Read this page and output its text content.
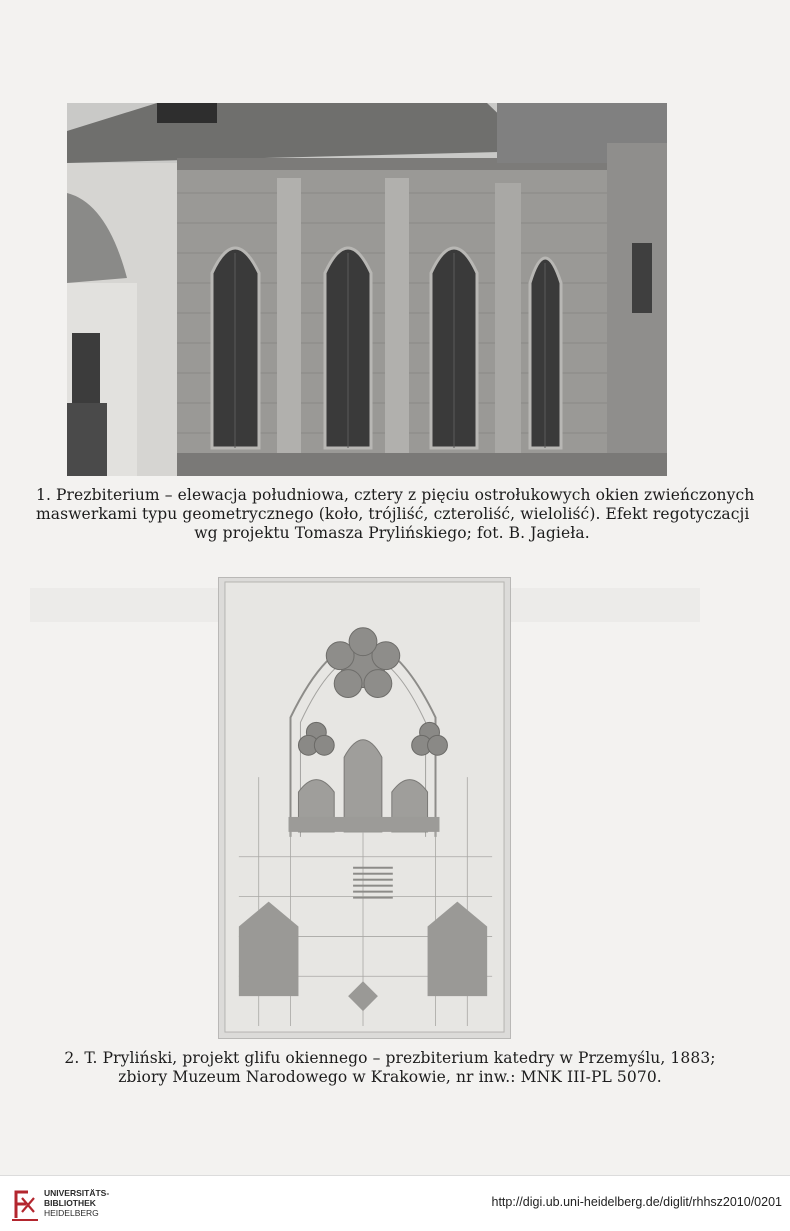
1. Prezbiterium – elewacja południowa, cztery z pięciu ostrołukowych okien zwieńczonych
maswerkami typu geometrycznego (koło, trójliść, czteroliść, wieloliść). Efekt regotyczacji
wg projektu Tomasza Prylińskiego; fot. B. Jagieła.
2. T. Pryliński, projekt glifu okiennego – prezbiterium katedry w Przemyślu, 1883;
zbiory Muzeum Narodowego w Krakowie, nr inw.: MNK III-PL 5070.
UNIVERSITÄTS-
BIBLIOTHEK
HEIDELBERG
http://digi.ub.uni-heidelberg.de/diglit/rhhsz2010/0201
